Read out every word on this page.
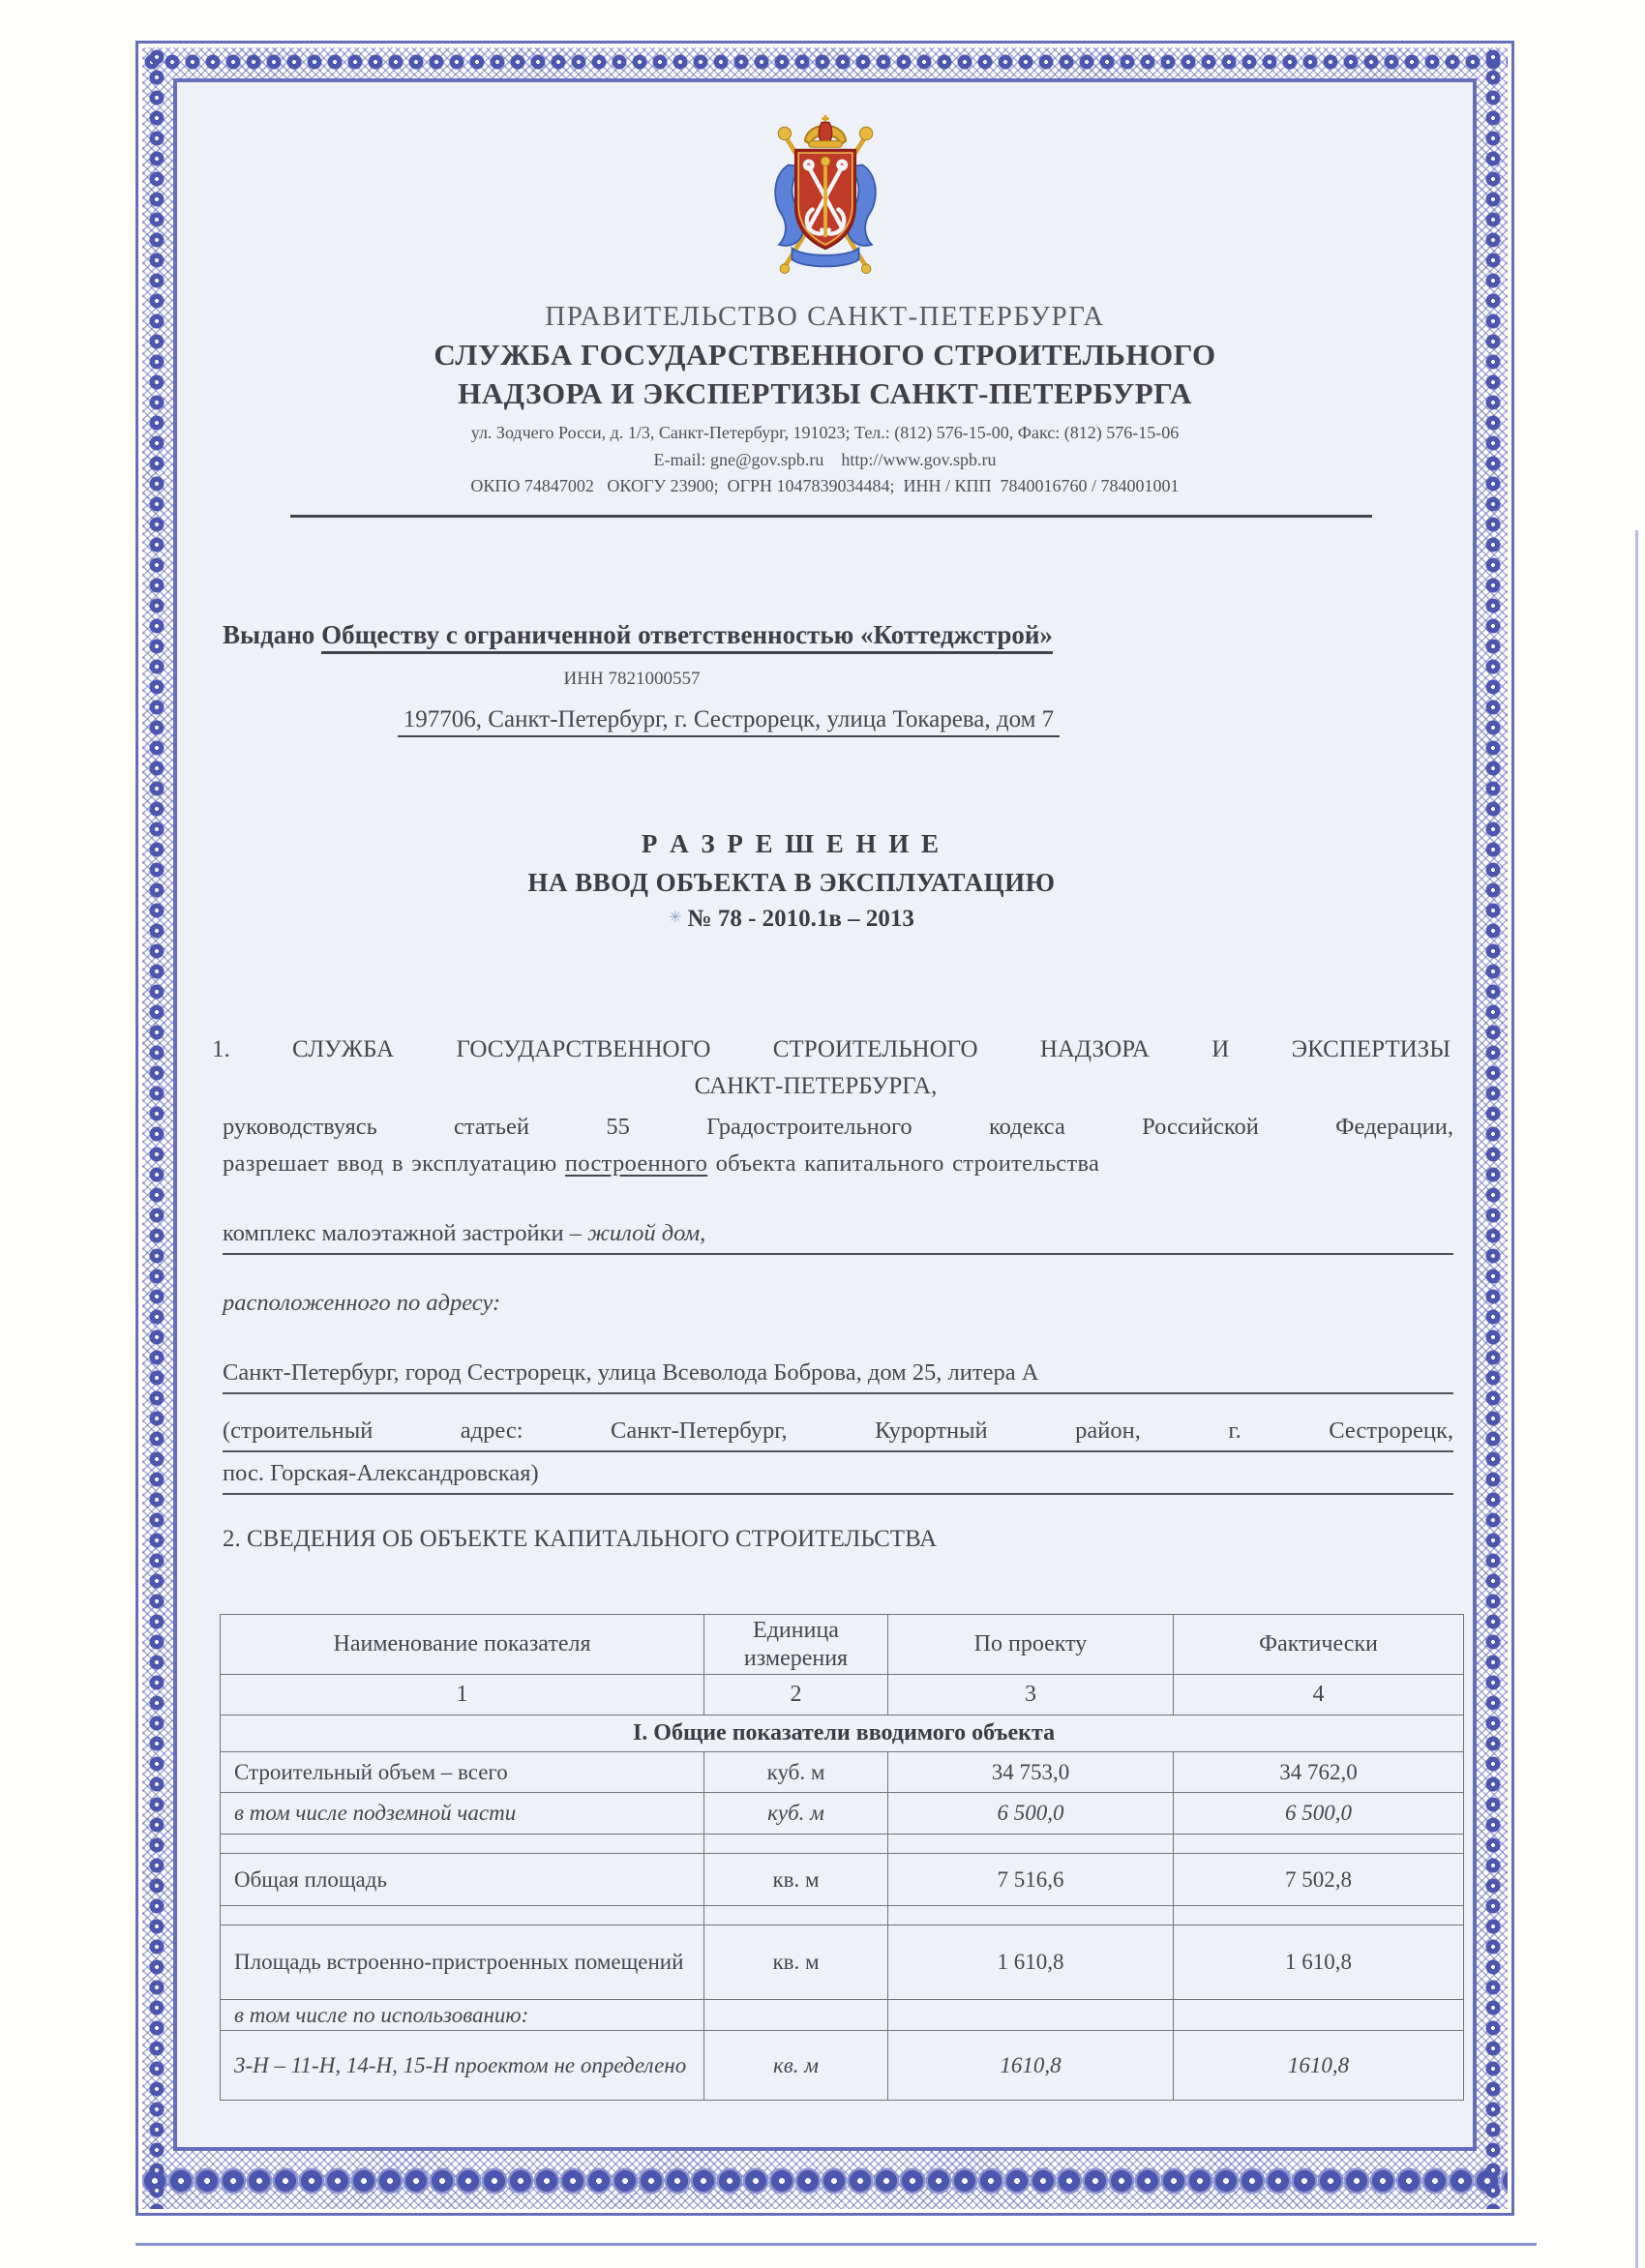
ПРАВИТЕЛЬСТВО САНКТ-ПЕТЕРБУРГА
СЛУЖБА ГОСУДАРСТВЕННОГО СТРОИТЕЛЬНОГО
НАДЗОРА И ЭКСПЕРТИЗЫ САНКТ-ПЕТЕРБУРГА
ул. Зодчего Росси, д. 1/3, Санкт-Петербург, 191023; Тел.: (812) 576-15-00, Факс: (812) 576-15-06
E-mail: gne@gov.spb.ru    http://www.gov.spb.ru
ОКПО 74847002   ОКОГУ 23900;  ОГРН 1047839034484;  ИНН / КПП  7840016760 / 784001001
Выдано Обществу с ограниченной ответственностью «Коттеджстрой»
ИНН 7821000557
197706, Санкт-Петербург, г. Сестрорецк, улица Токарева, дом 7
Р А З Р Е Ш Е Н И Е
НА ВВОД ОБЪЕКТА В ЭКСПЛУАТАЦИЮ
✳ № 78 - 2010.1в – 2013
1. СЛУЖБА ГОСУДАРСТВЕННОГО СТРОИТЕЛЬНОГО НАДЗОРА И ЭКСПЕРТИЗЫ
САНКТ-ПЕТЕРБУРГА,
руководствуясь статьей 55 Градостроительного кодекса Российской Федерации,
разрешает ввод в эксплуатацию построенного объекта капитального строительства
комплекс малоэтажной застройки – жилой дом,
расположенного по адресу:
Санкт-Петербург, город Сестрорецк, улица Всеволода Боброва, дом 25, литера А
(строительный адрес: Санкт-Петербург, Курортный район, г. Сестрорецк,
пос. Горская-Александровская)
2. СВЕДЕНИЯ ОБ ОБЪЕКТЕ КАПИТАЛЬНОГО СТРОИТЕЛЬСТВА
Наименование показателя	Единица измерения	По проекту	Фактически
1	2	3	4
I. Общие показатели вводимого объекта			
Строительный объем – всего	куб. м	34 753,0	34 762,0
в том числе подземной части	куб. м	6 500,0	6 500,0

Общая площадь	кв. м	7 516,6	7 502,8

Площадь встроенно-пристроенных помещений	кв. м	1 610,8	1 610,8
в том числе по использованию:			
3-Н – 11-Н, 14-Н, 15-Н проектом не определено	кв. м	1610,8	1610,8
